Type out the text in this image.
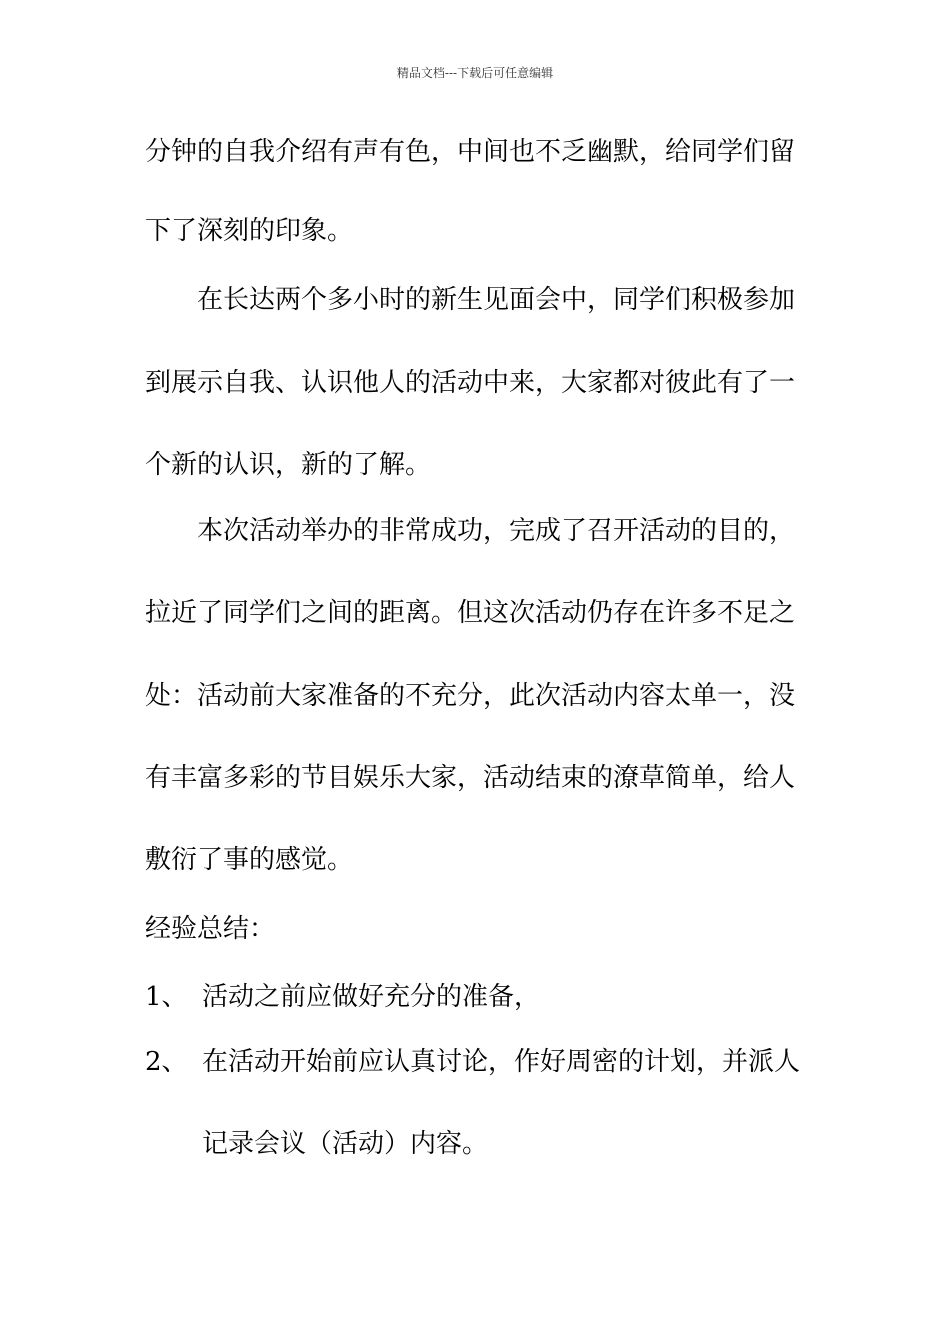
精品文档---下载后可任意编辑
分钟的自我介绍有声有色，中间也不乏幽默，给同学们留
下了深刻的印象。
在长达两个多小时的新生见面会中，同学们积极参加
到展示自我、认识他人的活动中来，大家都对彼此有了一
个新的认识，新的了解。
本次活动举办的非常成功，完成了召开活动的目的，
拉近了同学们之间的距离。但这次活动仍存在许多不足之
处：活动前大家准备的不充分，此次活动内容太单一，没
有丰富多彩的节目娱乐大家，活动结束的潦草简单，给人
敷衍了事的感觉。
经验总结：
1、 活动之前应做好充分的准备，
2、 在活动开始前应认真讨论，作好周密的计划，并派人
记录会议（活动）内容。
